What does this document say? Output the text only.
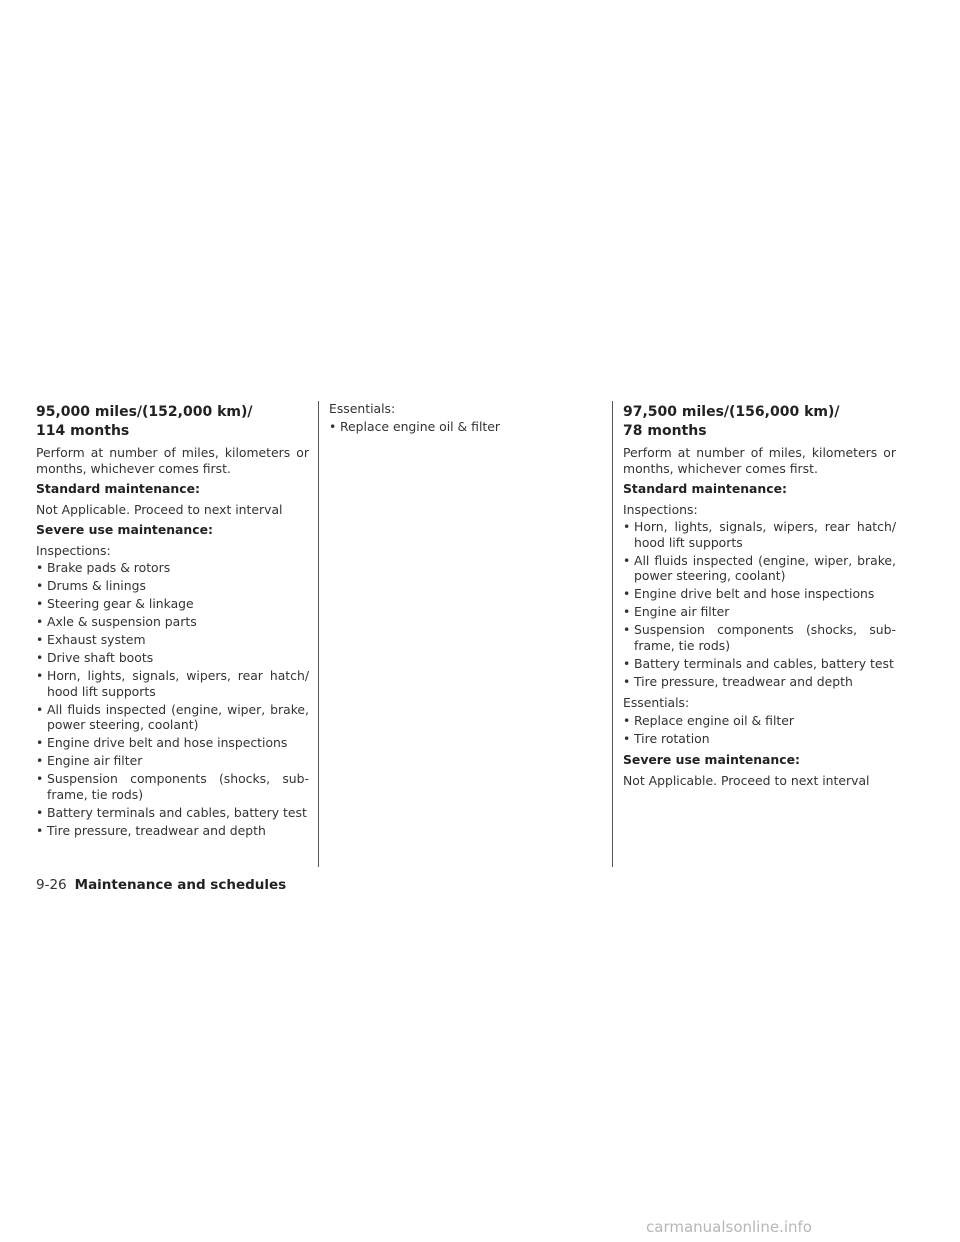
95,000 miles/(152,000 km)/
114 months
Perform at number of miles, kilometers or months, whichever comes first.
Standard maintenance:
Not Applicable. Proceed to next interval
Severe use maintenance:
Inspections:
• Brake pads & rotors
• Drums & linings
• Steering gear & linkage
• Axle & suspension parts
• Exhaust system
• Drive shaft boots
• Horn, lights, signals, wipers, rear hatch/ hood lift supports
• All fluids inspected (engine, wiper, brake, power steering, coolant)
• Engine drive belt and hose inspections
• Engine air filter
• Suspension components (shocks, sub-frame, tie rods)
• Battery terminals and cables, battery test
• Tire pressure, treadwear and depth
Essentials:
• Replace engine oil & filter
97,500 miles/(156,000 km)/
78 months
Perform at number of miles, kilometers or months, whichever comes first.
Standard maintenance:
Inspections:
• Horn, lights, signals, wipers, rear hatch/ hood lift supports
• All fluids inspected (engine, wiper, brake, power steering, coolant)
• Engine drive belt and hose inspections
• Engine air filter
• Suspension components (shocks, sub-frame, tie rods)
• Battery terminals and cables, battery test
• Tire pressure, treadwear and depth
Essentials:
• Replace engine oil & filter
• Tire rotation
Severe use maintenance:
Not Applicable. Proceed to next interval
9-26 Maintenance and schedules
carmanualsonline.info
